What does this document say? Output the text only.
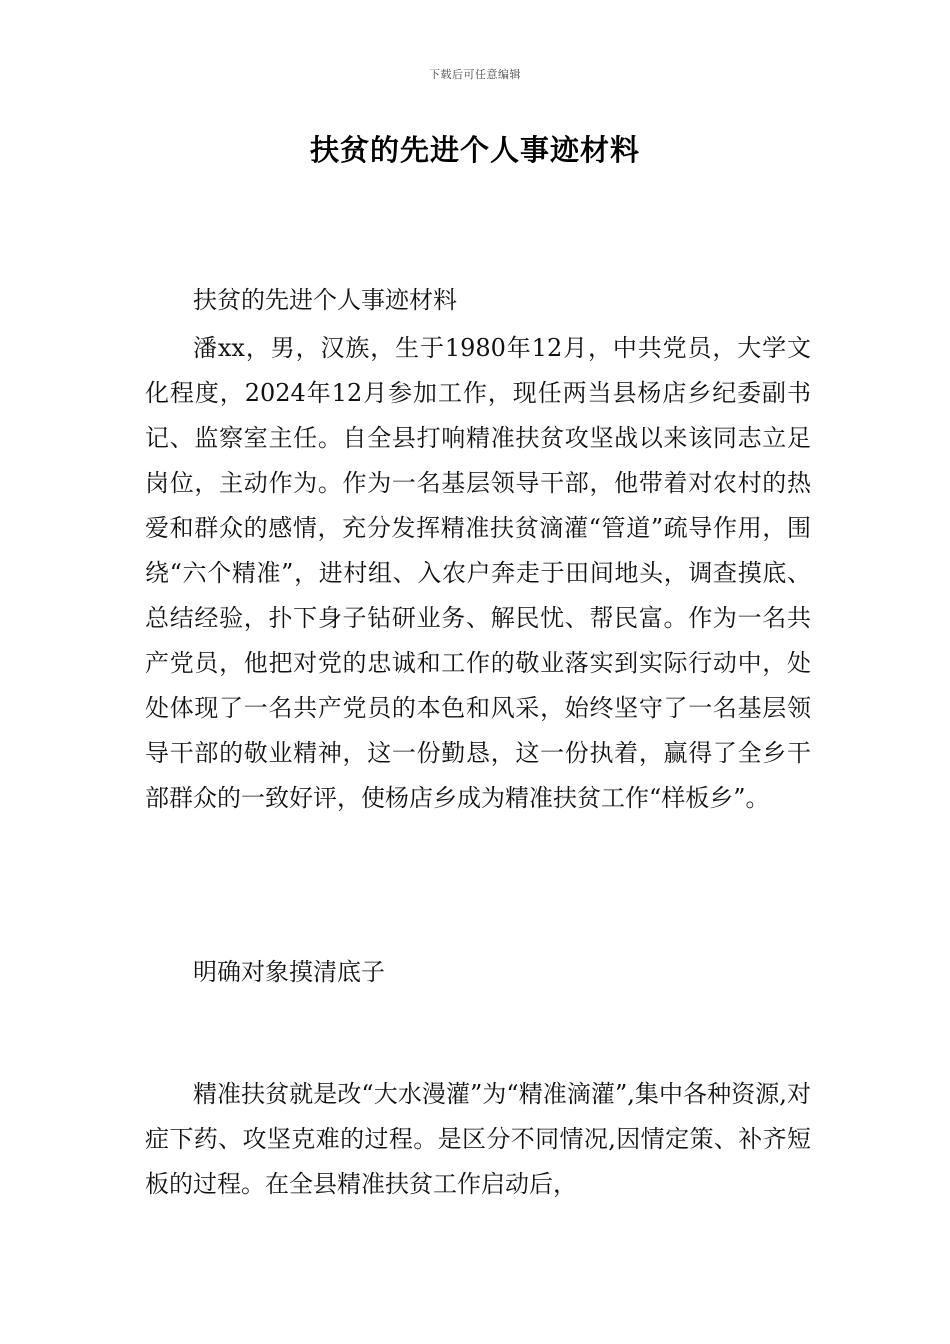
下载后可任意编辑
扶贫的先进个人事迹材料

扶贫的先进个人事迹材料

潘xx，男，汉族，生于1980年12月，中共党员，大学文化程度，2024年12月参加工作，现任两当县杨店乡纪委副书记、监察室主任。自全县打响精准扶贫攻坚战以来该同志立足岗位，主动作为。作为一名基层领导干部，他带着对农村的热爱和群众的感情，充分发挥精准扶贫滴灌“管道”疏导作用，围绕“六个精准”，进村组、入农户奔走于田间地头，调查摸底、总结经验，扑下身子钻研业务、解民忧、帮民富。作为一名共产党员，他把对党的忠诚和工作的敬业落实到实际行动中，处处体现了一名共产党员的本色和风采，始终坚守了一名基层领导干部的敬业精神，这一份勤恳，这一份执着，赢得了全乡干部群众的一致好评，使杨店乡成为精准扶贫工作“样板乡”。

明确对象摸清底子

精准扶贫就是改“大水漫灌”为“精准滴灌”,集中各种资源,对症下药、攻坚克难的过程。是区分不同情况,因情定策、补齐短板的过程。在全县精准扶贫工作启动后，
